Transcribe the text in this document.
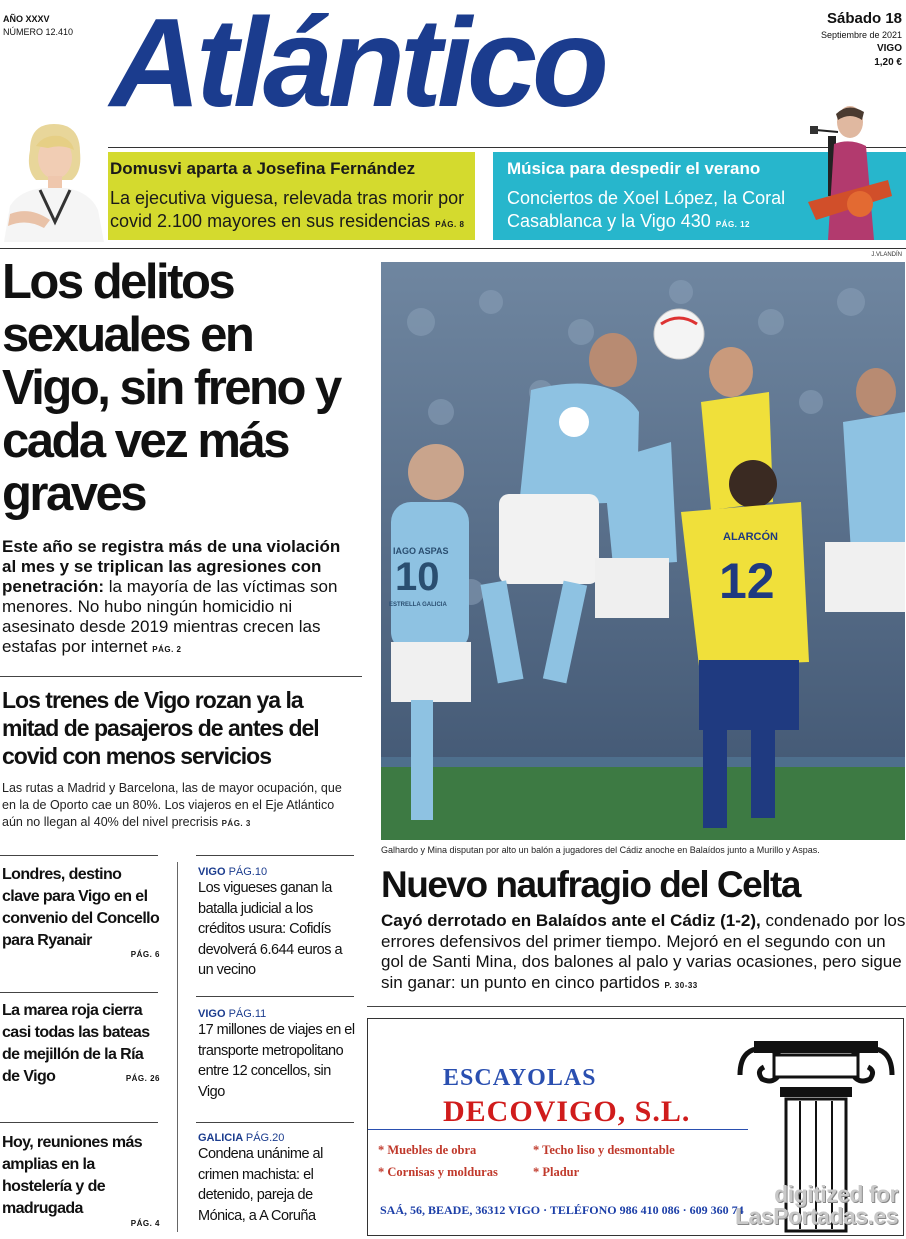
AÑO XXXV
NÚMERO 12.410 Atlántico	Sábado 18
Septiembre de 2021
VIGO
1,20 €
Domusvi aparta a Josefina Fernández
La ejecutiva viguesa, relevada tras morir por covid 2.100 mayores en sus residencias PÁG. 8
Música para despedir el verano
Conciertos de Xoel López, la Coral Casablanca y la Vigo 430 PÁG. 12
Los delitos sexuales en Vigo, sin freno y cada vez más graves
Este año se registra más de una violación al mes y se triplican las agresiones con penetración: la mayoría de las víctimas son menores. No hubo ningún homicidio ni asesinato desde 2019 mientras crecen las estafas por internet PÁG. 2
Los trenes de Vigo rozan ya la mitad de pasajeros de antes del covid con menos servicios
Las rutas a Madrid y Barcelona, las de mayor ocupación, que en la de Oporto cae un 80%. Los viajeros en el Eje Atlántico aún no llegan al 40% del nivel precrisis PÁG. 3
Londres, destino clave para Vigo en el convenio del Concello para Ryanair
PÁG. 6
La marea roja cierra casi todas las bateas de mejillón de la Ría de Vigo	PÁG. 26
Hoy, reuniones más amplias en la hostelería y de madrugada
PÁG. 4
VIGO PÁG.10
Los vigueses ganan la batalla judicial a los créditos usura: Cofidís devolverá 6.644 euros a un vecino
VIGO PÁG.11
17 millones de viajes en el transporte metropolitano entre 12 concellos, sin Vigo
GALICIA PÁG.20
Condena unánime al crimen machista: el detenido, pareja de Mónica, a A Coruña
J.VLANDÍN
IAGO ASPAS
10
ESTRELLA GALICIA
ALARCÓN
12
Galhardo y Mina disputan por alto un balón a jugadores del Cádiz anoche en Balaídos junto a Murillo y Aspas.
Nuevo naufragio del Celta
Cayó derrotado en Balaídos ante el Cádiz (1-2), condenado por los errores defensivos del primer tiempo. Mejoró en el segundo con un gol de Santi Mina, dos balones al palo y varias ocasiones, pero sigue sin ganar: un punto en cinco partidos P. 30-33
ESCAYOLAS
DECOVIGO, S.L.
* Muebles de obra	* Techo liso y desmontable
* Cornisas y molduras	* Pladur
SAÁ, 56, BEADE, 36312 VIGO · TELÉFONO 986 410 086 · 609 360 74
digitized for
LasPortadas.es
